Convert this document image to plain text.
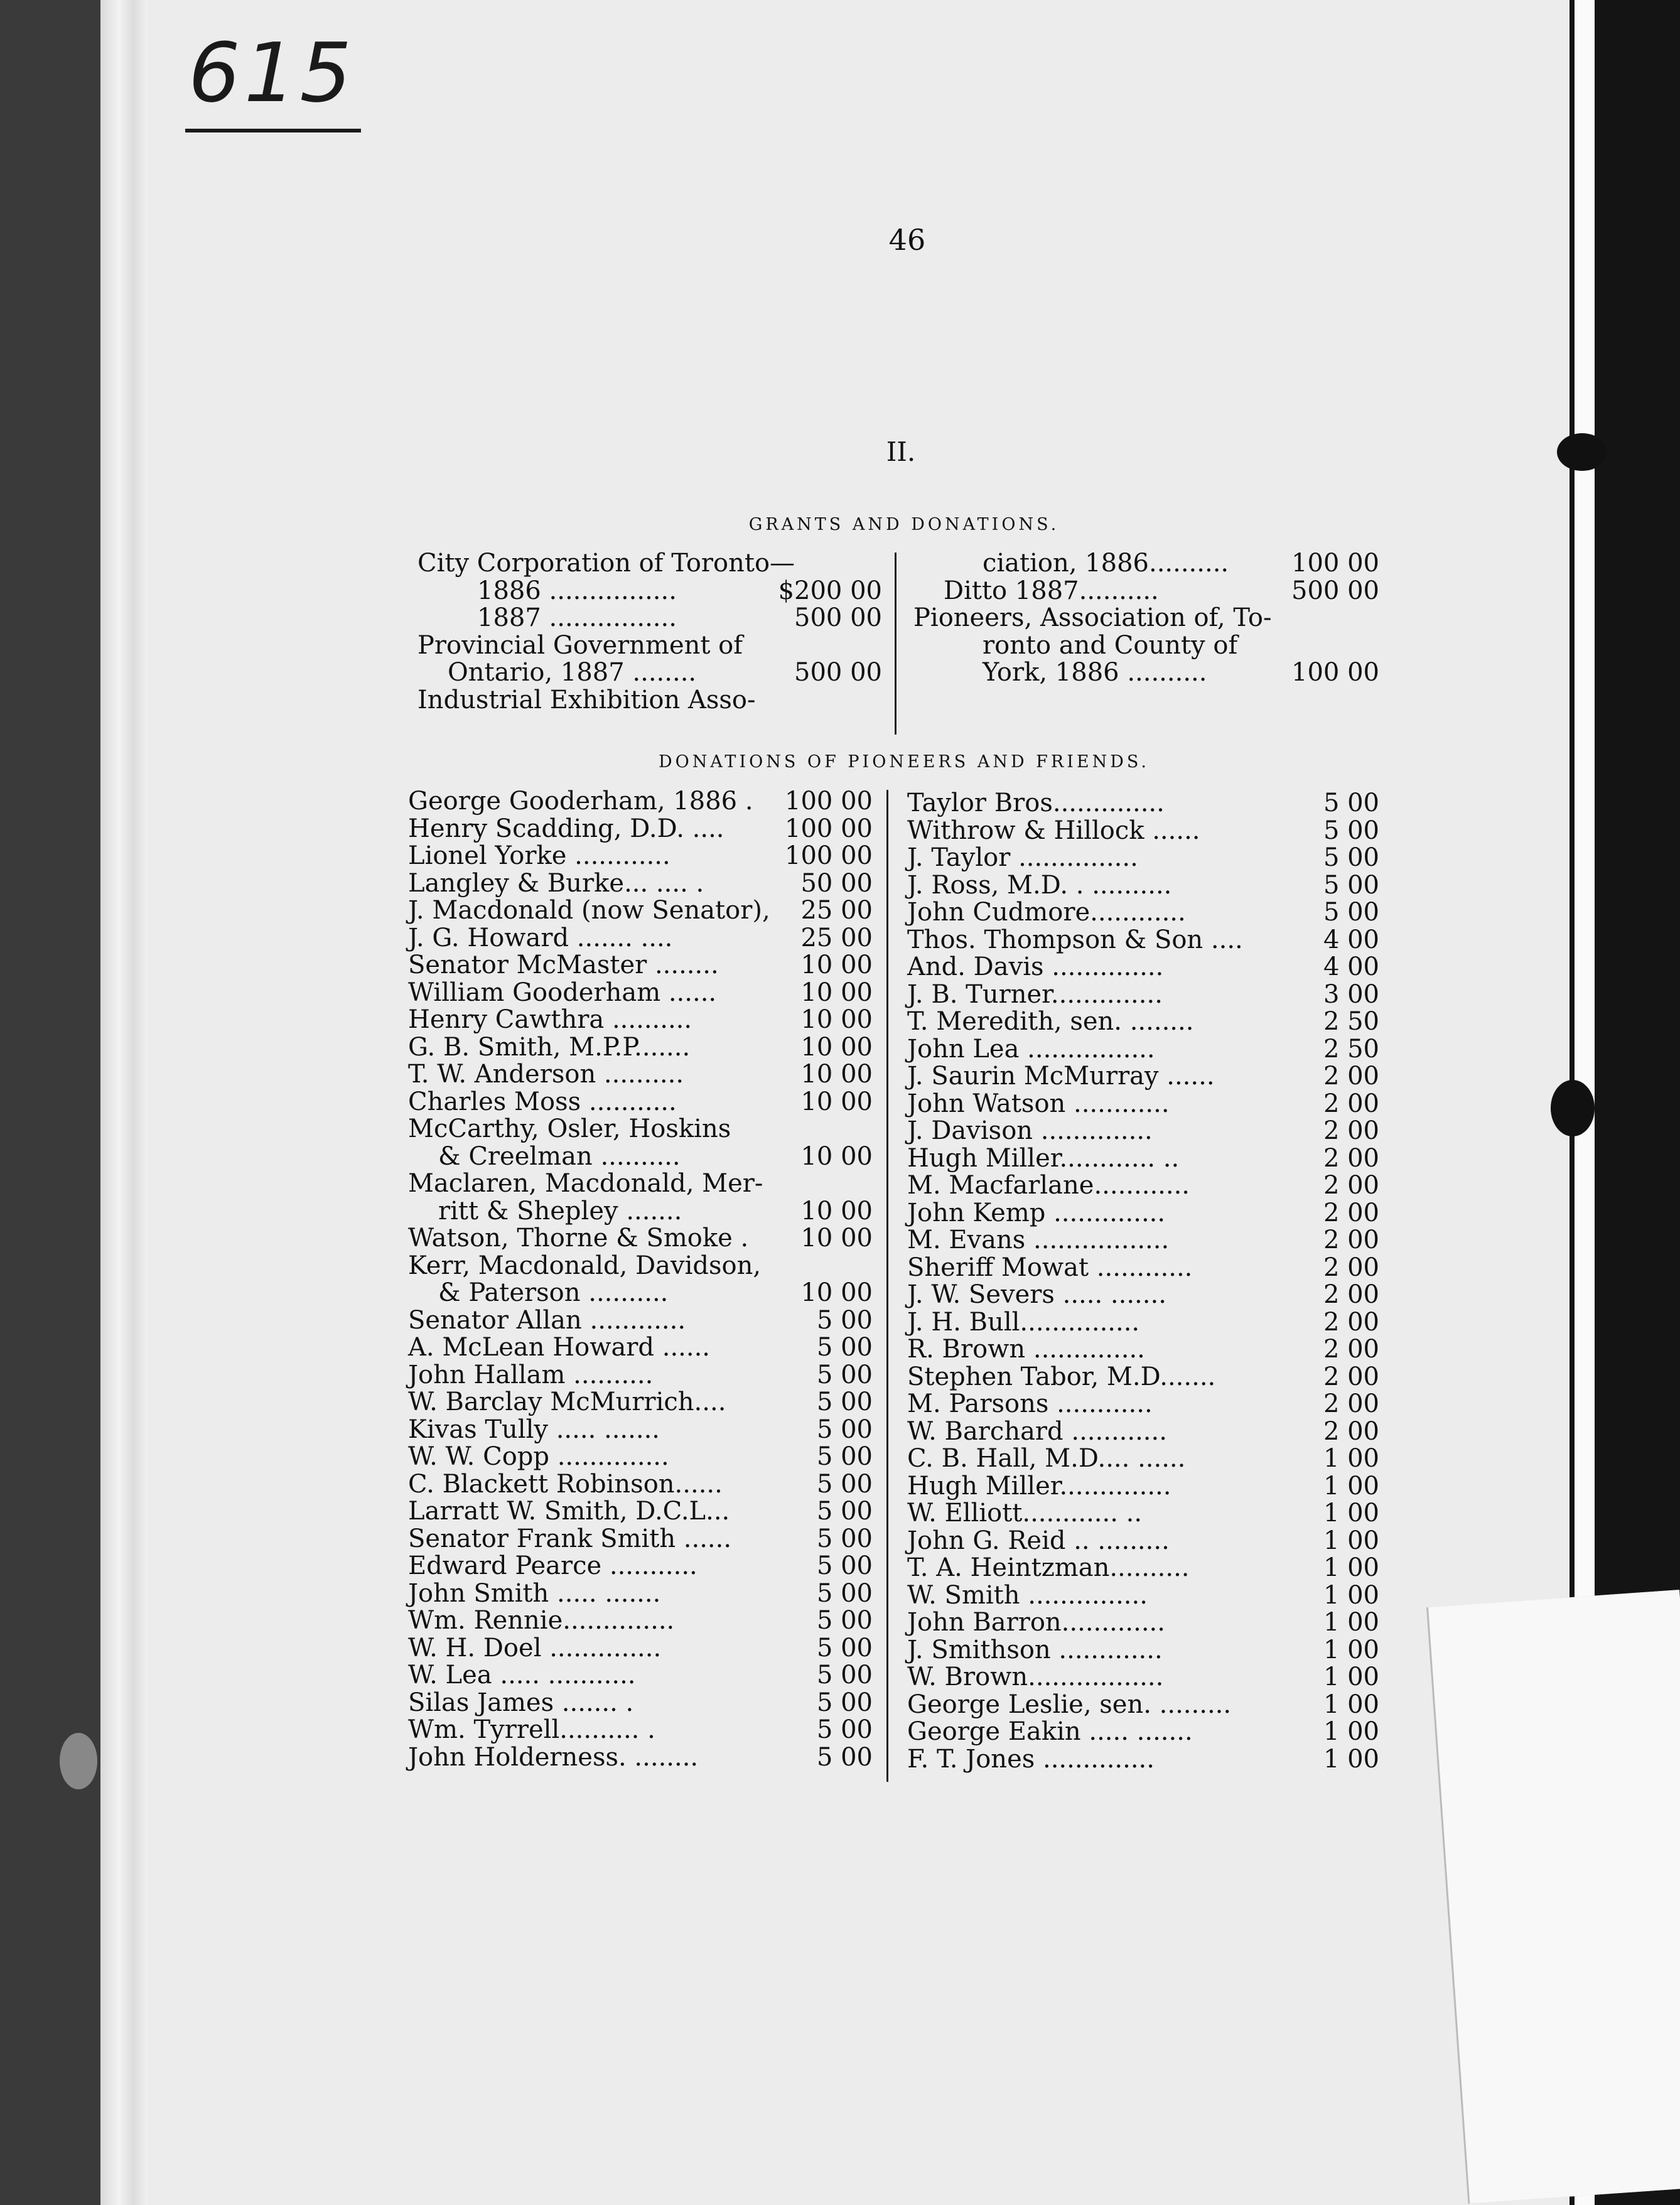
615
46
II.
GRANTS AND DONATIONS.
City Corporation of Toronto—
1886 ................	$200 00
1887 ................	500 00
Provincial Government of
Ontario, 1887 ........	500 00
Industrial Exhibition Asso-
ciation, 1886.......... 100 00
Ditto 1887..........	500 00
Pioneers, Association of, To-
ronto and County of
York, 1886 ..........	100 00
DONATIONS OF PIONEERS AND FRIENDS.
George Gooderham, 1886 . 100 00
Henry Scadding, D.D. .... 100 00
Lionel Yorke ............	100 00
Langley & Burke... .... .	50 00
J. Macdonald (now Senator), 25 00
J. G. Howard ....... ....	25 00
Senator McMaster ........	10 00
William Gooderham ......	10 00
Henry Cawthra ..........	10 00
G. B. Smith, M.P.P.......	10 00
T. W. Anderson ..........	10 00
Charles Moss ...........	10 00
McCarthy, Osler, Hoskins
& Creelman ..........	10 00
Maclaren, Macdonald, Mer-
ritt & Shepley .......	10 00
Watson, Thorne & Smoke . 10 00
Kerr, Macdonald, Davidson,
& Paterson ..........	10 00
Senator Allan ............	5 00
A. McLean Howard ......	5 00
John Hallam ..........	5 00
W. Barclay McMurrich....	5 00
Kivas Tully ..... .......	5 00
W. W. Copp ..............	5 00
C. Blackett Robinson......	5 00
Larratt W. Smith, D.C.L...	5 00
Senator Frank Smith ......	5 00
Edward Pearce ...........	5 00
John Smith ..... .......	5 00
Wm. Rennie..............	5 00
W. H. Doel ..............	5 00
W. Lea ..... ...........	5 00
Silas James ....... .	5 00
Wm. Tyrrell.......... .	5 00
John Holderness. ........	5 00
Taylor Bros..............	5 00
Withrow & Hillock ......	5 00
J. Taylor ...............	5 00
J. Ross, M.D. . ..........	5 00
John Cudmore............	5 00
Thos. Thompson & Son ....	4 00
And. Davis ..............	4 00
J. B. Turner..............	3 00
T. Meredith, sen. ........	2 50
John Lea ................	2 50
J. Saurin McMurray ......	2 00
John Watson ............	2 00
J. Davison ..............	2 00
Hugh Miller............ ..	2 00
M. Macfarlane............	2 00
John Kemp ..............	2 00
M. Evans .................	2 00
Sheriff Mowat ............	2 00
J. W. Severs ..... .......	2 00
J. H. Bull...............	2 00
R. Brown ..............	2 00
Stephen Tabor, M.D.......	2 00
M. Parsons ............	2 00
W. Barchard ............	2 00
C. B. Hall, M.D.... ......	1 00
Hugh Miller..............	1 00
W. Elliott............ ..	1 00
John G. Reid .. .........	1 00
T. A. Heintzman..........	1 00
W. Smith ...............	1 00
John Barron.............	1 00
J. Smithson .............	1 00
W. Brown.................	1 00
George Leslie, sen. .........	1 00
George Eakin ..... .......	1 00
F. T. Jones ..............	1 00
